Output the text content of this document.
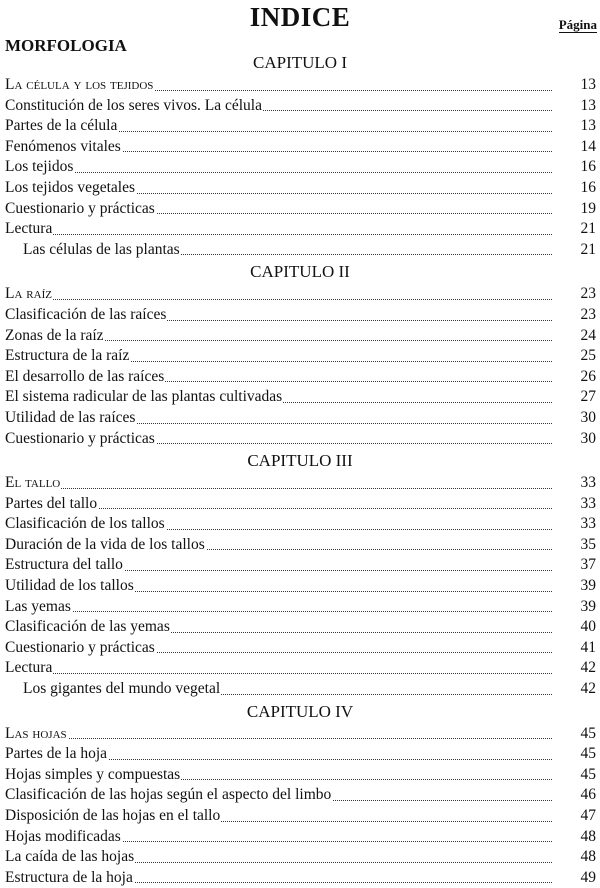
INDICE	Página
MORFOLOGIA
CAPITULO I
La célula y los tejidos	13
Constitución de los seres vivos. La célula	13
Partes de la célula	13
Fenómenos vitales	14
Los tejidos	16
Los tejidos vegetales	16
Cuestionario y prácticas	19
Lectura	21
Las células de las plantas	21
CAPITULO II
La raíz	23
Clasificación de las raíces	23
Zonas de la raíz	24
Estructura de la raíz	25
El desarrollo de las raíces	26
El sistema radicular de las plantas cultivadas	27
Utilidad de las raíces	30
Cuestionario y prácticas	30
CAPITULO III
El tallo	33
Partes del tallo	33
Clasificación de los tallos	33
Duración de la vida de los tallos	35
Estructura del tallo	37
Utilidad de los tallos	39
Las yemas	39
Clasificación de las yemas	40
Cuestionario y prácticas	41
Lectura	42
Los gigantes del mundo vegetal	42
CAPITULO IV
Las hojas	45
Partes de la hoja	45
Hojas simples y compuestas	45
Clasificación de las hojas según el aspecto del limbo	46
Disposición de las hojas en el tallo	47
Hojas modificadas	48
La caída de las hojas	48
Estructura de la hoja	49
